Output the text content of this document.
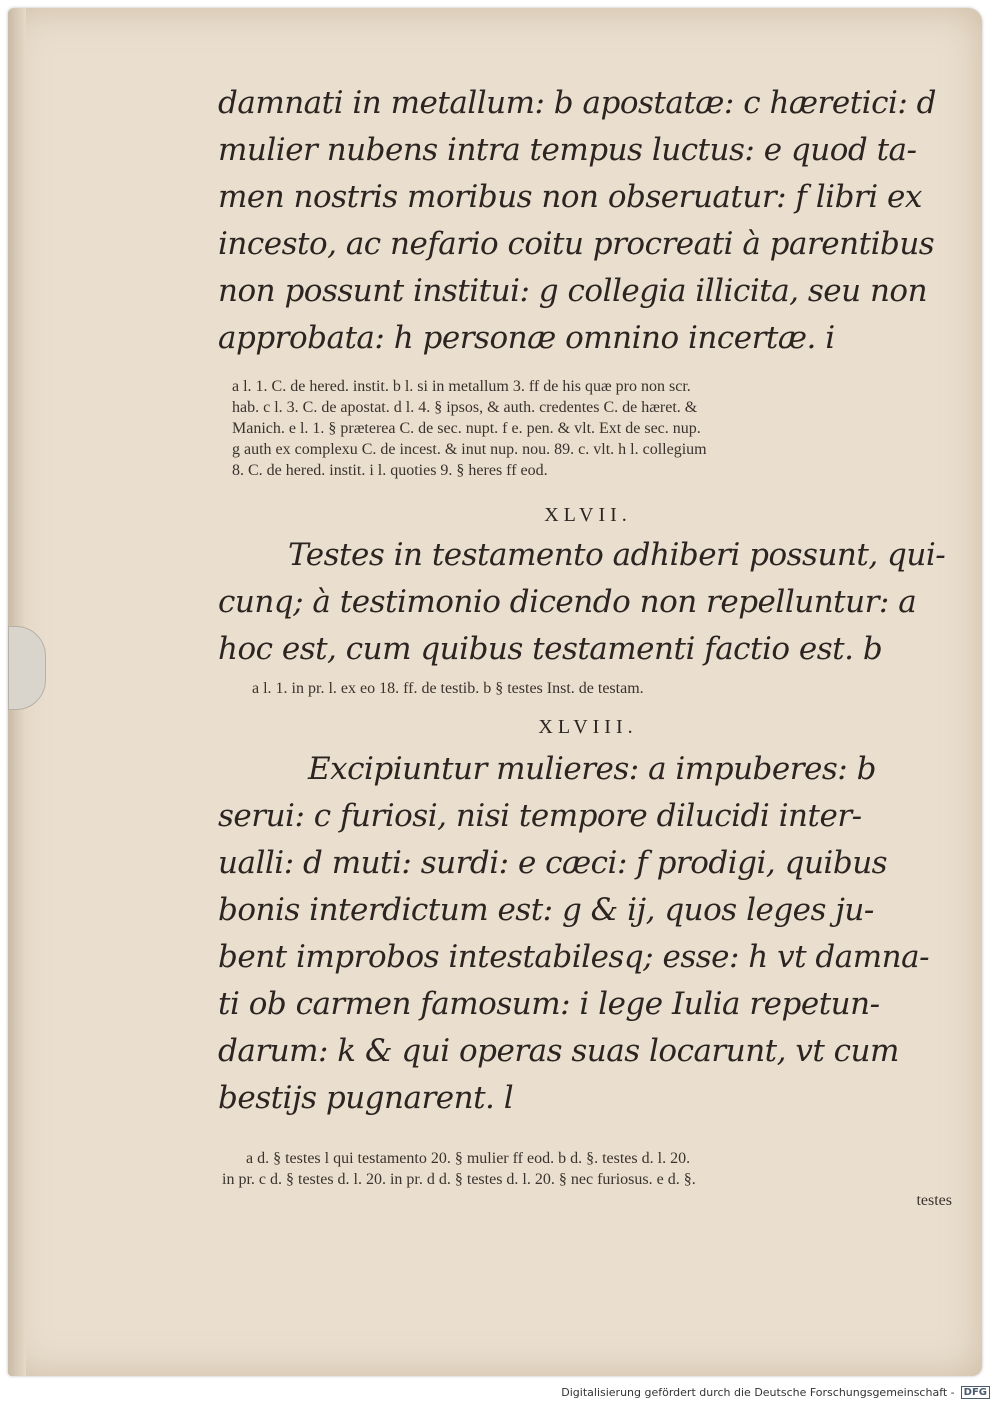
damnati in metallum: b apostatæ: c hæretici: d
mulier nubens intra tempus luctus: e quod ta-
men nostris moribus non obseruatur: f libri ex
incesto, ac nefario coitu procreati à parentibus
non possunt institui: g collegia illicita, seu non
approbata: h personæ omnino incertæ. i
a l. 1. C. de hered. instit. b l. si in metallum 3. ff de his quæ pro non scr.
hab. c l. 3. C. de apostat. d l. 4. § ipsos, & auth. credentes C. de hæret. &
Manich. e l. 1. § præterea C. de sec. nupt. f e. pen. & vlt. Ext de sec. nup.
g auth ex complexu C. de incest. & inut nup. nou. 89. c. vlt. h l. collegium
8. C. de hered. instit. i l. quoties 9. § heres ff eod.
XLVII.
Testes in testamento adhiberi possunt, qui-
cunq; à testimonio dicendo non repelluntur: a
hoc est, cum quibus testamenti factio est. b
a l. 1. in pr. l. ex eo 18. ff. de testib. b § testes Inst. de testam.
XLVIII.
Excipiuntur mulieres: a impuberes: b
serui: c furiosi, nisi tempore dilucidi inter-
ualli: d muti: surdi: e cæci: f prodigi, quibus
bonis interdictum est: g & ij, quos leges ju-
bent improbos intestabilesq; esse: h vt damna-
ti ob carmen famosum: i lege Iulia repetun-
darum: k & qui operas suas locarunt, vt cum
bestijs pugnarent. l
a d. § testes l qui testamento 20. § mulier ff eod. b d. §. testes d. l. 20.
in pr. c d. § testes d. l. 20. in pr. d d. § testes d. l. 20. § nec furiosus. e d. §.
testes
Digitalisierung gefördert durch die Deutsche Forschungsgemeinschaft - DFG
